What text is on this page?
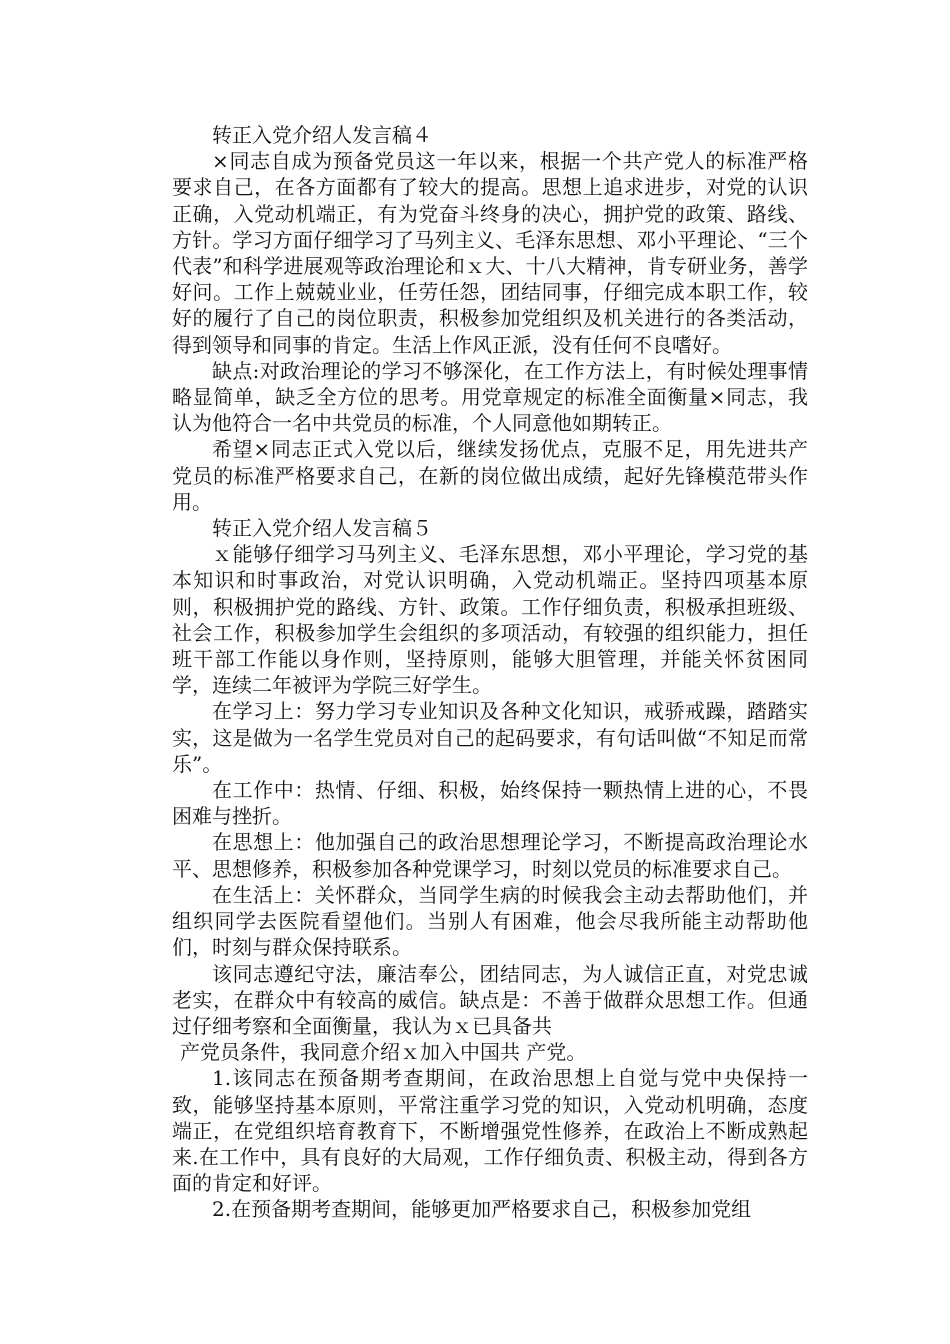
转正入党介绍人发言稿４

×同志自成为预备党员这一年以来，根据一个共产党人的标准严格要求自己，在各方面都有了较大的提高。思想上追求进步，对党的认识正确，入党动机端正，有为党奋斗终身的决心，拥护党的政策、路线、方针。学习方面仔细学习了马列主义、毛泽东思想、邓小平理论、“三个代表”和科学进展观等政治理论和ｘ大、十八大精神，肯专研业务，善学好问。工作上兢兢业业，任劳任怨，团结同事，仔细完成本职工作，较好的履行了自己的岗位职责，积极参加党组织及机关进行的各类活动，得到领导和同事的肯定。生活上作风正派，没有任何不良嗜好。

缺点:对政治理论的学习不够深化，在工作方法上，有时候处理事情略显简单，缺乏全方位的思考。用党章规定的标准全面衡量×同志，我认为他符合一名中共党员的标准，个人同意他如期转正。

希望×同志正式入党以后，继续发扬优点，克服不足，用先进共产党员的标准严格要求自己，在新的岗位做出成绩，起好先锋模范带头作用。

转正入党介绍人发言稿５

ｘ能够仔细学习马列主义、毛泽东思想，邓小平理论，学习党的基本知识和时事政治，对党认识明确，入党动机端正。坚持四项基本原则，积极拥护党的路线、方针、政策。工作仔细负责，积极承担班级、社会工作，积极参加学生会组织的多项活动，有较强的组织能力，担任班干部工作能以身作则，坚持原则，能够大胆管理，并能关怀贫困同学，连续二年被评为学院三好学生。

在学习上：努力学习专业知识及各种文化知识，戒骄戒躁，踏踏实实，这是做为一名学生党员对自己的起码要求，有句话叫做“不知足而常乐”。

在工作中：热情、仔细、积极，始终保持一颗热情上进的心，不畏困难与挫折。

在思想上：他加强自己的政治思想理论学习，不断提高政治理论水平、思想修养，积极参加各种党课学习，时刻以党员的标准要求自己。

在生活上：关怀群众，当同学生病的时候我会主动去帮助他们，并组织同学去医院看望他们。当别人有困难，他会尽我所能主动帮助他们，时刻与群众保持联系。

该同志遵纪守法，廉洁奉公，团结同志，为人诚信正直，对党忠诚老实，在群众中有较高的威信。缺点是：不善于做群众思想工作。但通过仔细考察和全面衡量，我认为ｘ已具备共

产党员条件，我同意介绍ｘ加入中国共 产党。

1.该同志在预备期考查期间，在政治思想上自觉与党中央保持一致，能够坚持基本原则，平常注重学习党的知识，入党动机明确，态度端正，在党组织培育教育下，不断增强党性修养，在政治上不断成熟起来.在工作中，具有良好的大局观，工作仔细负责、积极主动，得到各方面的肯定和好评。

2.在预备期考查期间，能够更加严格要求自己，积极参加党组
